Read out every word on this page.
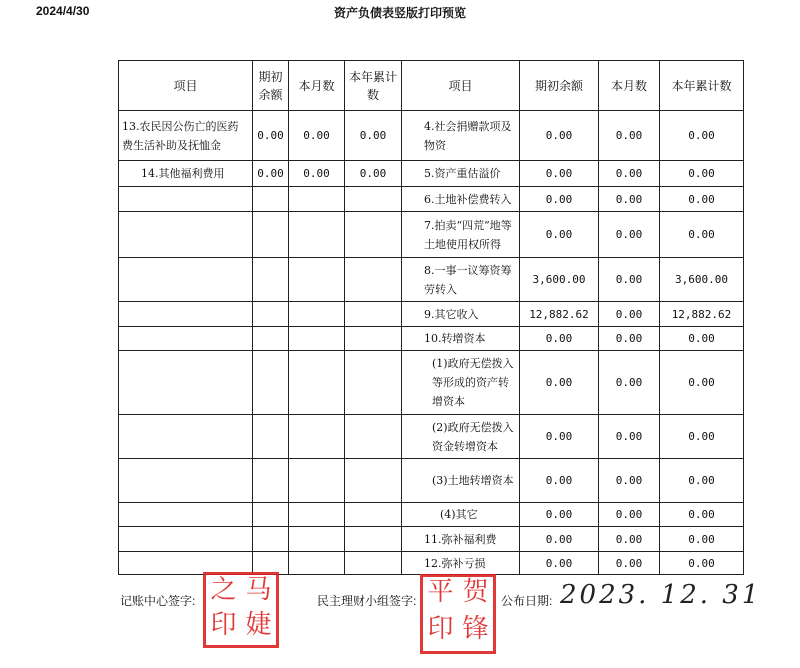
2024/4/30	资产负债表竖版打印预览
项目	期初余额	本月数	本年累计数	项目	期初余额	本月数	本年累计数
13.农民因公伤亡的医药费生活补助及抚恤金	0.00	0.00	0.00	4.社会捐赠款项及物资	0.00	0.00	0.00
14.其他福利费用	0.00	0.00	0.00	5.资产重估溢价	0.00	0.00	0.00
				6.土地补偿费转入	0.00	0.00	0.00
				7.拍卖“四荒”地等土地使用权所得	0.00	0.00	0.00
				8.一事一议筹资筹劳转入	3,600.00	0.00	3,600.00
				9.其它收入	12,882.62	0.00	12,882.62
				10.转增资本	0.00	0.00	0.00
				(1)政府无偿拨入等形成的资产转增资本	0.00	0.00	0.00
				(2)政府无偿拨入资金转增资本	0.00	0.00	0.00
				(3)土地转增资本	0.00	0.00	0.00
				(4)其它	0.00	0.00	0.00
				11.弥补福利费	0.00	0.00	0.00
				12.弥补亏损	0.00	0.00	0.00
记账中心签字: 之 马
印 婕
民主理财小组签字: 平 贺
印 锋
公布日期: 2023. 12. 31
